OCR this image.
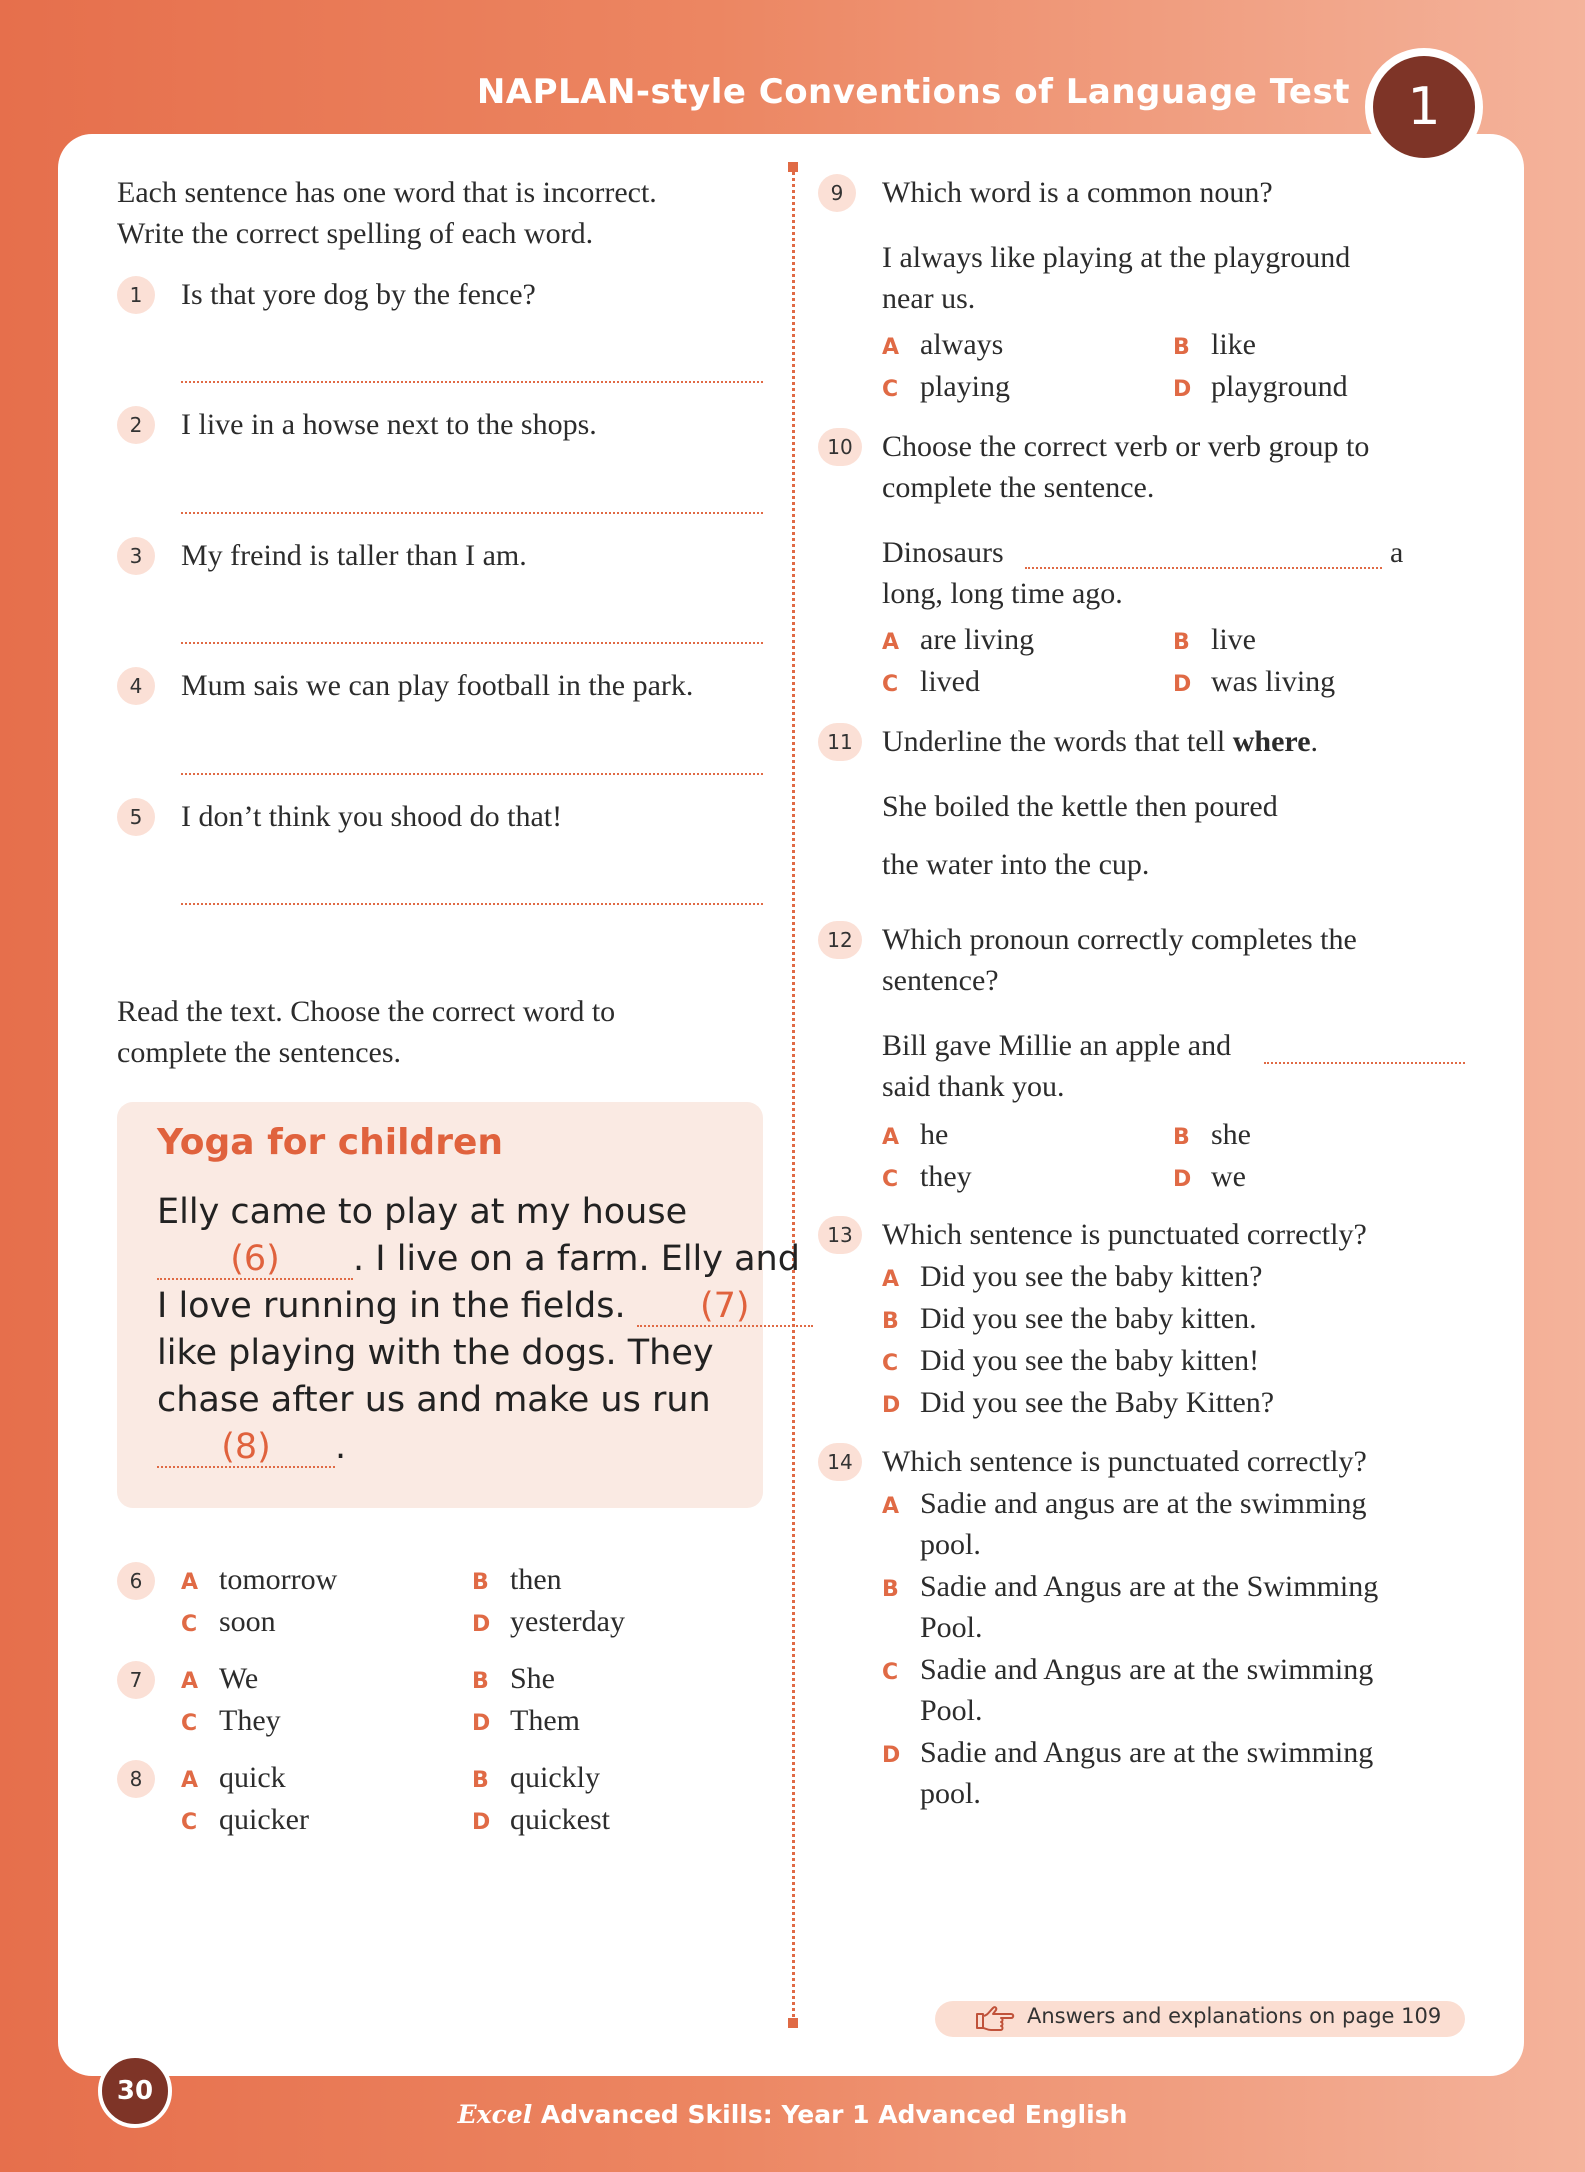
NAPLAN-style Conventions of Language Test	1
Each sentence has one word that is incorrect.
Write the correct spelling of each word.
1	Is that yore dog by the fence?
2	I live in a howse next to the shops.
3	My freind is taller than I am.
4	Mum sais we can play football in the park.
5	I don’t think you shood do that!
Read the text. Choose the correct word to
complete the sentences.
Yoga for children
Elly came to play at my house
(6) . I live on a farm. Elly and
I love running in the fields. (7)
like playing with the dogs. They
chase after us and make us run
(8) .
6	A tomorrow	B then
C soon	D yesterday
7	A We	B She
C They	D Them
8	A quick	B quickly
C quicker	D quickest
9	Which word is a common noun?
I always like playing at the playground
near us.
A always	B like
C playing	D playground
10 Choose the correct verb or verb group to
complete the sentence.
Dinosaurs	a
long, long time ago.
A are living	B live
C lived	D was living
11 Underline the words that tell where.
She boiled the kettle then poured
the water into the cup.
12 Which pronoun correctly completes the
sentence?
Bill gave Millie an apple and
said thank you.
A he	B she
C they	D we
13 Which sentence is punctuated correctly?
A Did you see the baby kitten?
B Did you see the baby kitten.
C Did you see the baby kitten!
D Did you see the Baby Kitten?
14 Which sentence is punctuated correctly?
A Sadie and angus are at the swimming
pool.
B Sadie and Angus are at the Swimming
Pool.
C Sadie and Angus are at the swimming
Pool.
D Sadie and Angus are at the swimming
pool.
Answers and explanations on page 109
30
Excel Advanced Skills: Year 1 Advanced English
